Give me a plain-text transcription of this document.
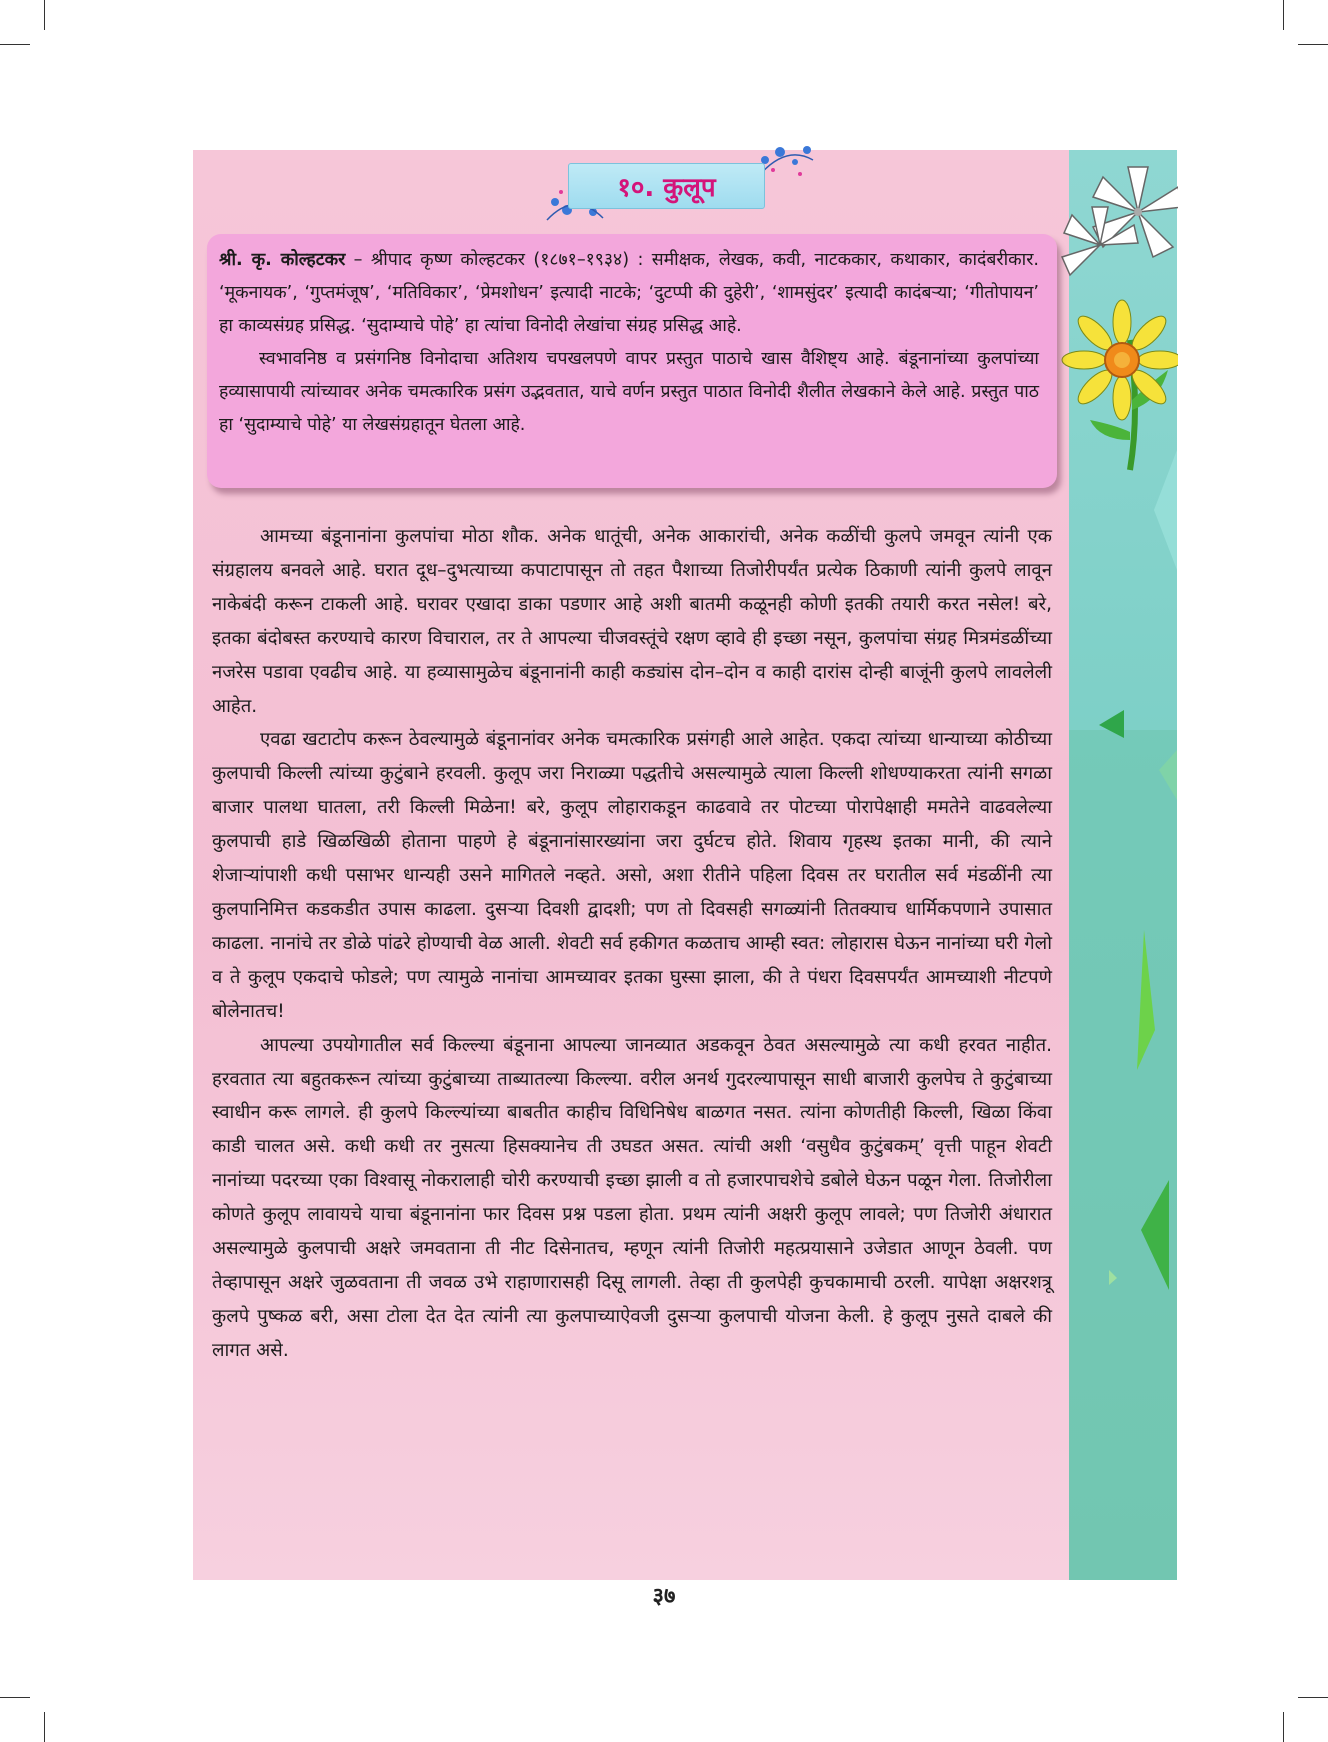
१०. कुलूप

श्री. कृ. कोल्हटकर – श्रीपाद कृष्ण कोल्हटकर (१८७१–१९३४) : समीक्षक, लेखक, कवी, नाटककार, कथाकार, कादंबरीकार. ‘मूकनायक’, ‘गुप्तमंजूष’, ‘मतिविकार’, ‘प्रेमशोधन’ इत्यादी नाटके; ‘दुटप्पी की दुहेरी’, ‘शामसुंदर’ इत्यादी कादंबऱ्या; ‘गीतोपायन’ हा काव्यसंग्रह प्रसिद्ध. ‘सुदाम्याचे पोहे’ हा त्यांचा विनोदी लेखांचा संग्रह प्रसिद्ध आहे.

स्वभावनिष्ठ व प्रसंगनिष्ठ विनोदाचा अतिशय चपखलपणे वापर प्रस्तुत पाठाचे खास वैशिष्ट्य आहे. बंडूनानांच्या कुलपांच्या हव्यासापायी त्यांच्यावर अनेक चमत्कारिक प्रसंग उद्भवतात, याचे वर्णन प्रस्तुत पाठात विनोदी शैलीत लेखकाने केले आहे. प्रस्तुत पाठ हा ‘सुदाम्याचे पोहे’ या लेखसंग्रहातून घेतला आहे.

आमच्या बंडूनानांना कुलपांचा मोठा शौक. अनेक धातूंची, अनेक आकारांची, अनेक कळींची कुलपे जमवून त्यांनी एक संग्रहालय बनवले आहे. घरात दूध–दुभत्याच्या कपाटापासून तो तहत पैशाच्या तिजोरीपर्यंत प्रत्येक ठिकाणी त्यांनी कुलपे लावून नाकेबंदी करून टाकली आहे. घरावर एखादा डाका पडणार आहे अशी बातमी कळूनही कोणी इतकी तयारी करत नसेल! बरे, इतका बंदोबस्त करण्याचे कारण विचाराल, तर ते आपल्या चीजवस्तूंचे रक्षण व्हावे ही इच्छा नसून, कुलपांचा संग्रह मित्रमंडळींच्या नजरेस पडावा एवढीच आहे. या हव्यासामुळेच बंडूनानांनी काही कड्यांस दोन–दोन व काही दारांस दोन्ही बाजूंनी कुलपे लावलेली आहेत.

एवढा खटाटोप करून ठेवल्यामुळे बंडूनानांवर अनेक चमत्कारिक प्रसंगही आले आहेत. एकदा त्यांच्या धान्याच्या कोठीच्या कुलपाची किल्ली त्यांच्या कुटुंबाने हरवली. कुलूप जरा निराळ्या पद्धतीचे असल्यामुळे त्याला किल्ली शोधण्याकरता त्यांनी सगळा बाजार पालथा घातला, तरी किल्ली मिळेना! बरे, कुलूप लोहाराकडून काढवावे तर पोटच्या पोरापेक्षाही ममतेने वाढवलेल्या कुलपाची हाडे खिळखिळी होताना पाहणे हे बंडूनानांसारख्यांना जरा दुर्घटच होते. शिवाय गृहस्थ इतका मानी, की त्याने शेजाऱ्यांपाशी कधी पसाभर धान्यही उसने मागितले नव्हते. असो, अशा रीतीने पहिला दिवस तर घरातील सर्व मंडळींनी त्या कुलपानिमित्त कडकडीत उपास काढला. दुसऱ्या दिवशी द्वादशी; पण तो दिवसही सगळ्यांनी तितक्याच धार्मिकपणाने उपासात काढला. नानांचे तर डोळे पांढरे होण्याची वेळ आली. शेवटी सर्व हकीगत कळताच आम्ही स्वत: लोहारास घेऊन नानांच्या घरी गेलो व ते कुलूप एकदाचे फोडले; पण त्यामुळे नानांचा आमच्यावर इतका घुस्सा झाला, की ते पंधरा दिवसपर्यंत आमच्याशी नीटपणे बोलेनातच!

आपल्या उपयोगातील सर्व किल्ल्या बंडूनाना आपल्या जानव्यात अडकवून ठेवत असल्यामुळे त्या कधी हरवत नाहीत. हरवतात त्या बहुतकरून त्यांच्या कुटुंबाच्या ताब्यातल्या किल्ल्या. वरील अनर्थ गुदरल्यापासून साधी बाजारी कुलपेच ते कुटुंबाच्या स्वाधीन करू लागले. ही कुलपे किल्ल्यांच्या बाबतीत काहीच विधिनिषेध बाळगत नसत. त्यांना कोणतीही किल्ली, खिळा किंवा काडी चालत असे. कधी कधी तर नुसत्या हिसक्यानेच ती उघडत असत. त्यांची अशी ‘वसुधैव कुटुंबकम्’ वृत्ती पाहून शेवटी नानांच्या पदरच्या एका विश्वासू नोकरालाही चोरी करण्याची इच्छा झाली व तो हजारपाचशेचे डबोले घेऊन पळून गेला. तिजोरीला कोणते कुलूप लावायचे याचा बंडूनानांना फार दिवस प्रश्न पडला होता. प्रथम त्यांनी अक्षरी कुलूप लावले; पण तिजोरी अंधारात असल्यामुळे कुलपाची अक्षरे जमवताना ती नीट दिसेनातच, म्हणून त्यांनी तिजोरी महत्प्रयासाने उजेडात आणून ठेवली. पण तेव्हापासून अक्षरे जुळवताना ती जवळ उभे राहाणारासही दिसू लागली. तेव्हा ती कुलपेही कुचकामाची ठरली. यापेक्षा अक्षरशत्रू कुलपे पुष्कळ बरी, असा टोला देत देत त्यांनी त्या कुलपाच्याऐवजी दुसऱ्या कुलपाची योजना केली. हे कुलूप नुसते दाबले की लागत असे.

३७
